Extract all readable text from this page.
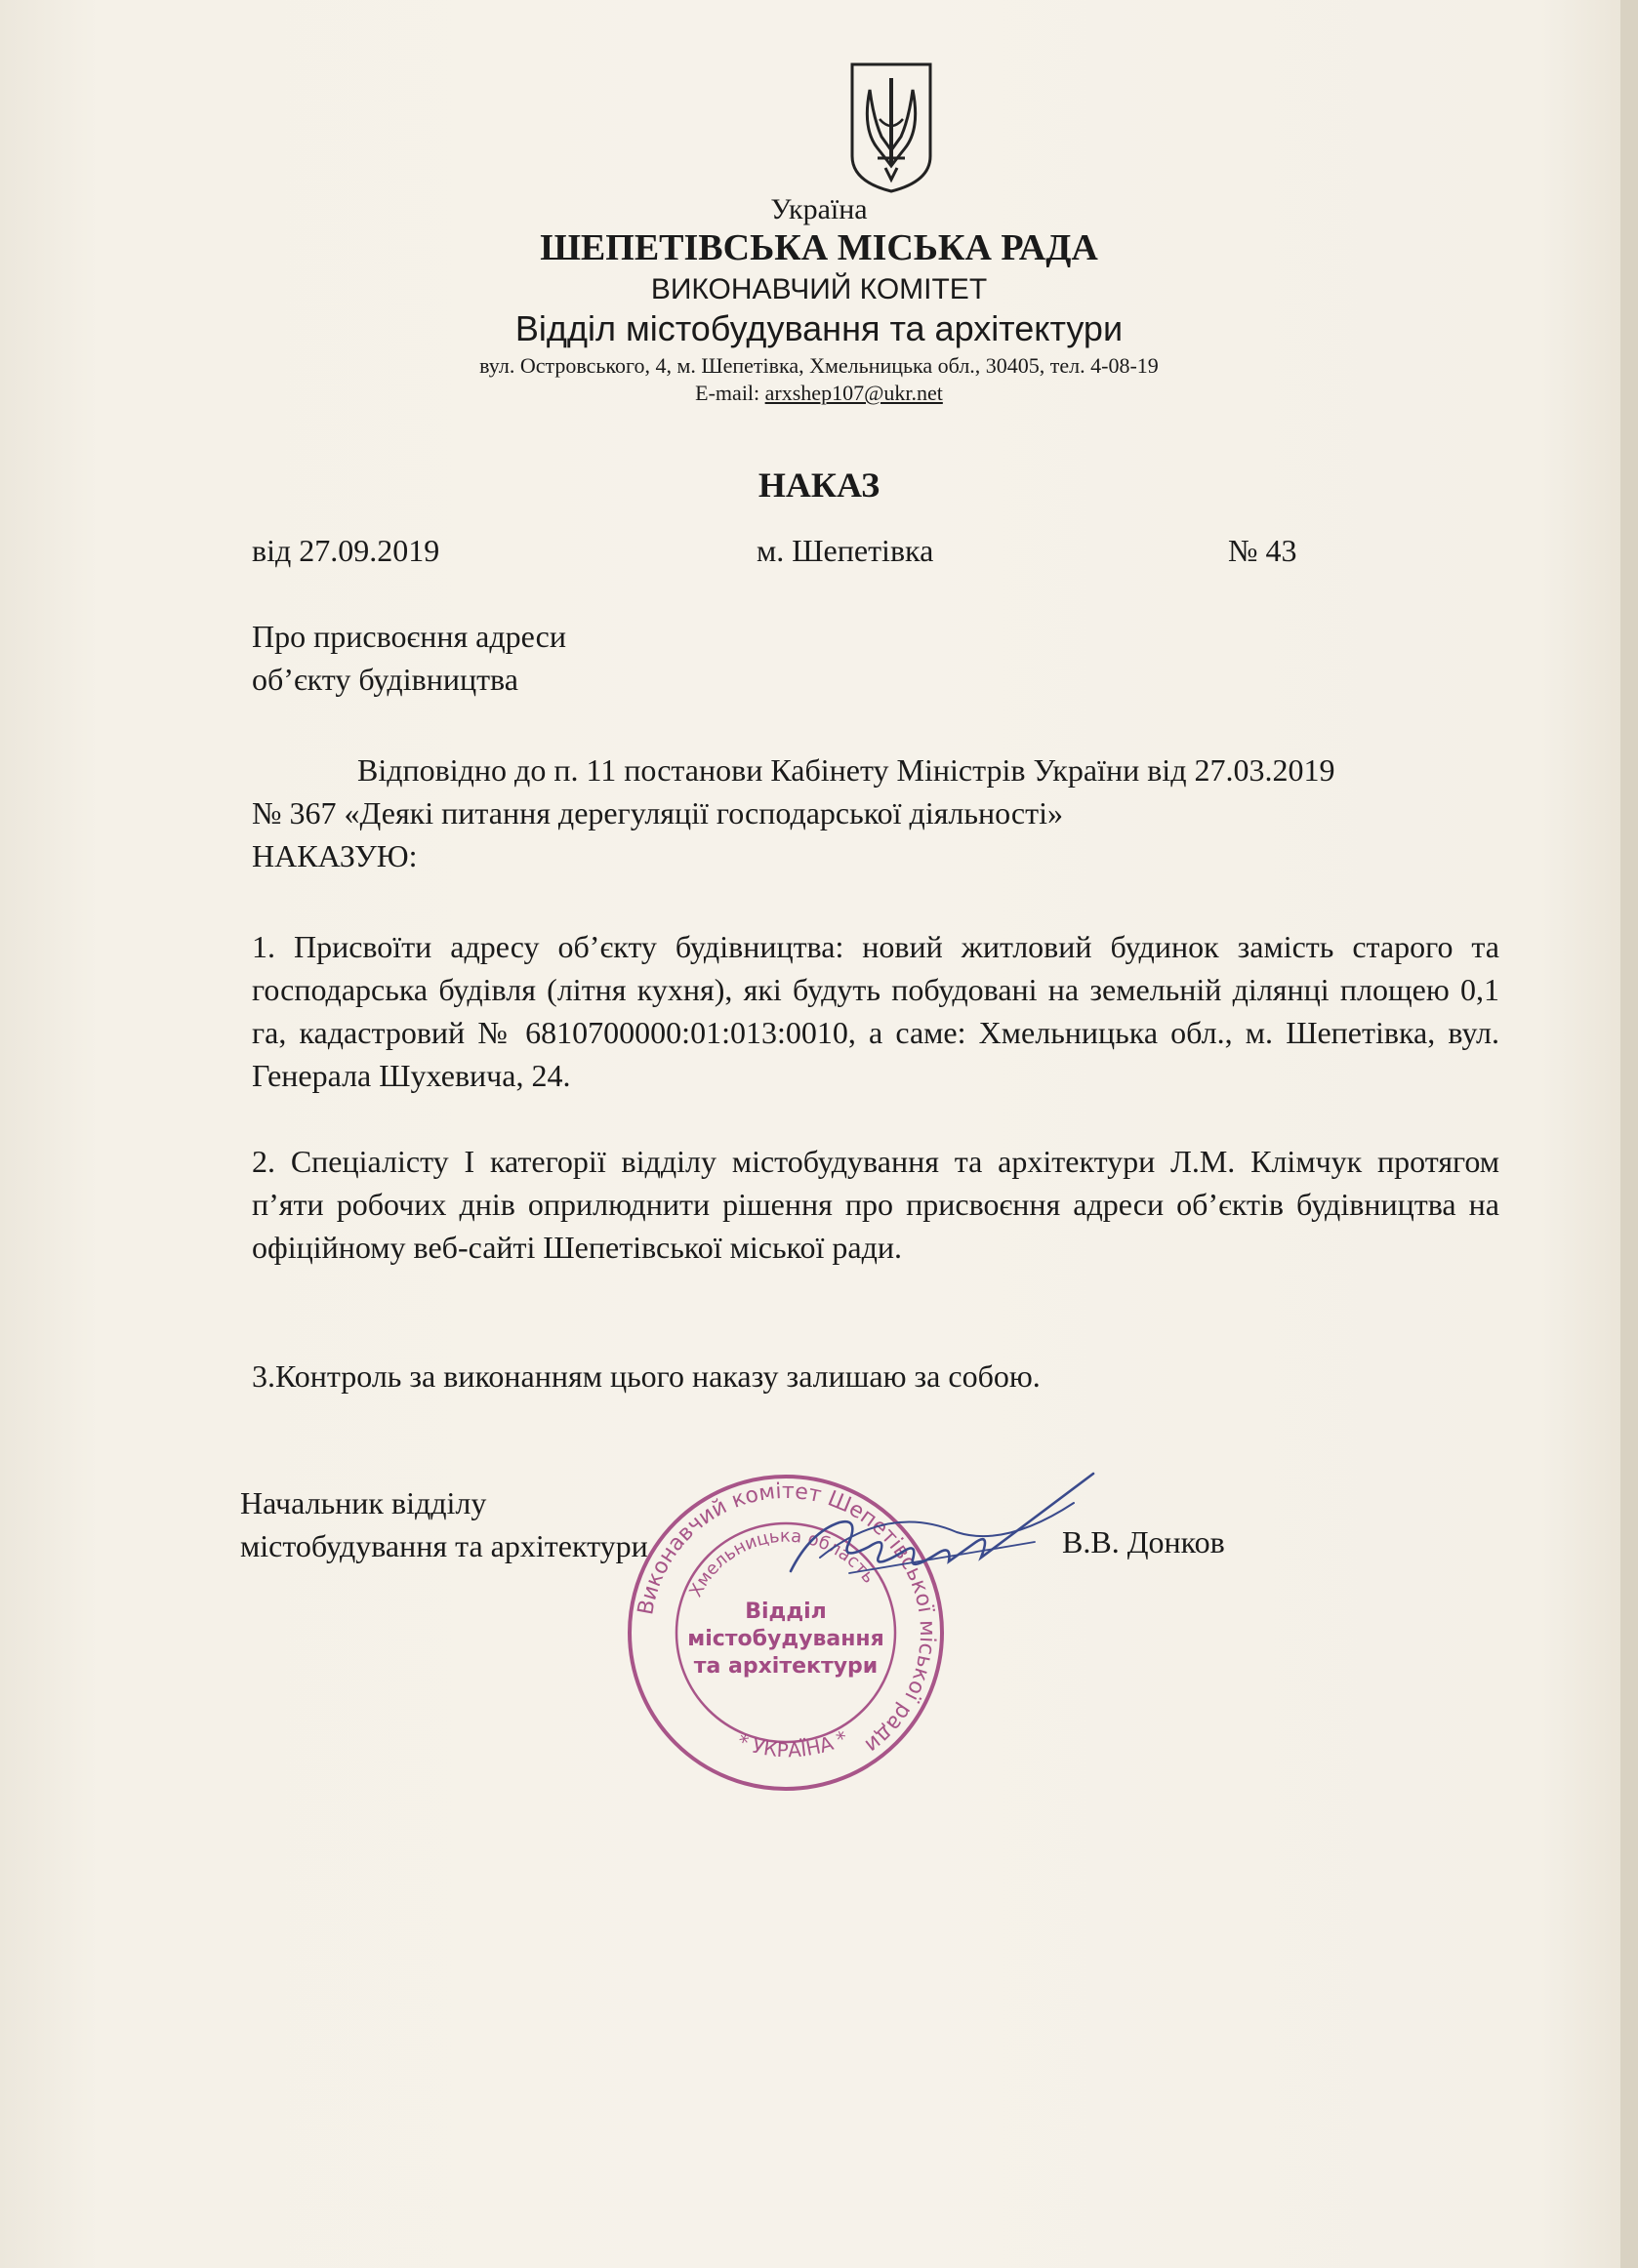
Україна
ШЕПЕТІВСЬКА МІСЬКА РАДА
ВИКОНАВЧИЙ КОМІТЕТ
Відділ містобудування та архітектури
вул. Островського, 4, м. Шепетівка, Хмельницька обл., 30405, тел. 4-08-19
E-mail: arxshep107@ukr.net
НАКАЗ
від 27.09.2019	м. Шепетівка	№ 43
Про присвоєння адреси
об’єкту будівництва
Відповідно до п. 11 постанови Кабінету Міністрів України від 27.03.2019
№ 367 «Деякі питання дерегуляції господарської діяльності»
НАКАЗУЮ:
1. Присвоїти адресу об’єкту будівництва: новий житловий будинок замість старого та господарська будівля (літня кухня), які будуть побудовані на земельній ділянці площею 0,1 га, кадастровий № 6810700000:01:013:0010, а саме: Хмельницька обл., м. Шепетівка, вул. Генерала Шухевича, 24.
2. Спеціалісту І категорії відділу містобудування та архітектури Л.М. Клімчук протягом п’яти робочих днів оприлюднити рішення про присвоєння адреси об’єктів будівництва на офіційному веб-сайті Шепетівської міської ради.
3.Контроль за виконанням цього наказу залишаю за собою.
Начальник відділу
містобудування та архітектури	В.В. Донков
Виконавчий комітет Шепетівської міської ради
Хмельницька область
* УКРАЇНА *
Відділ
містобудування
та архітектури
